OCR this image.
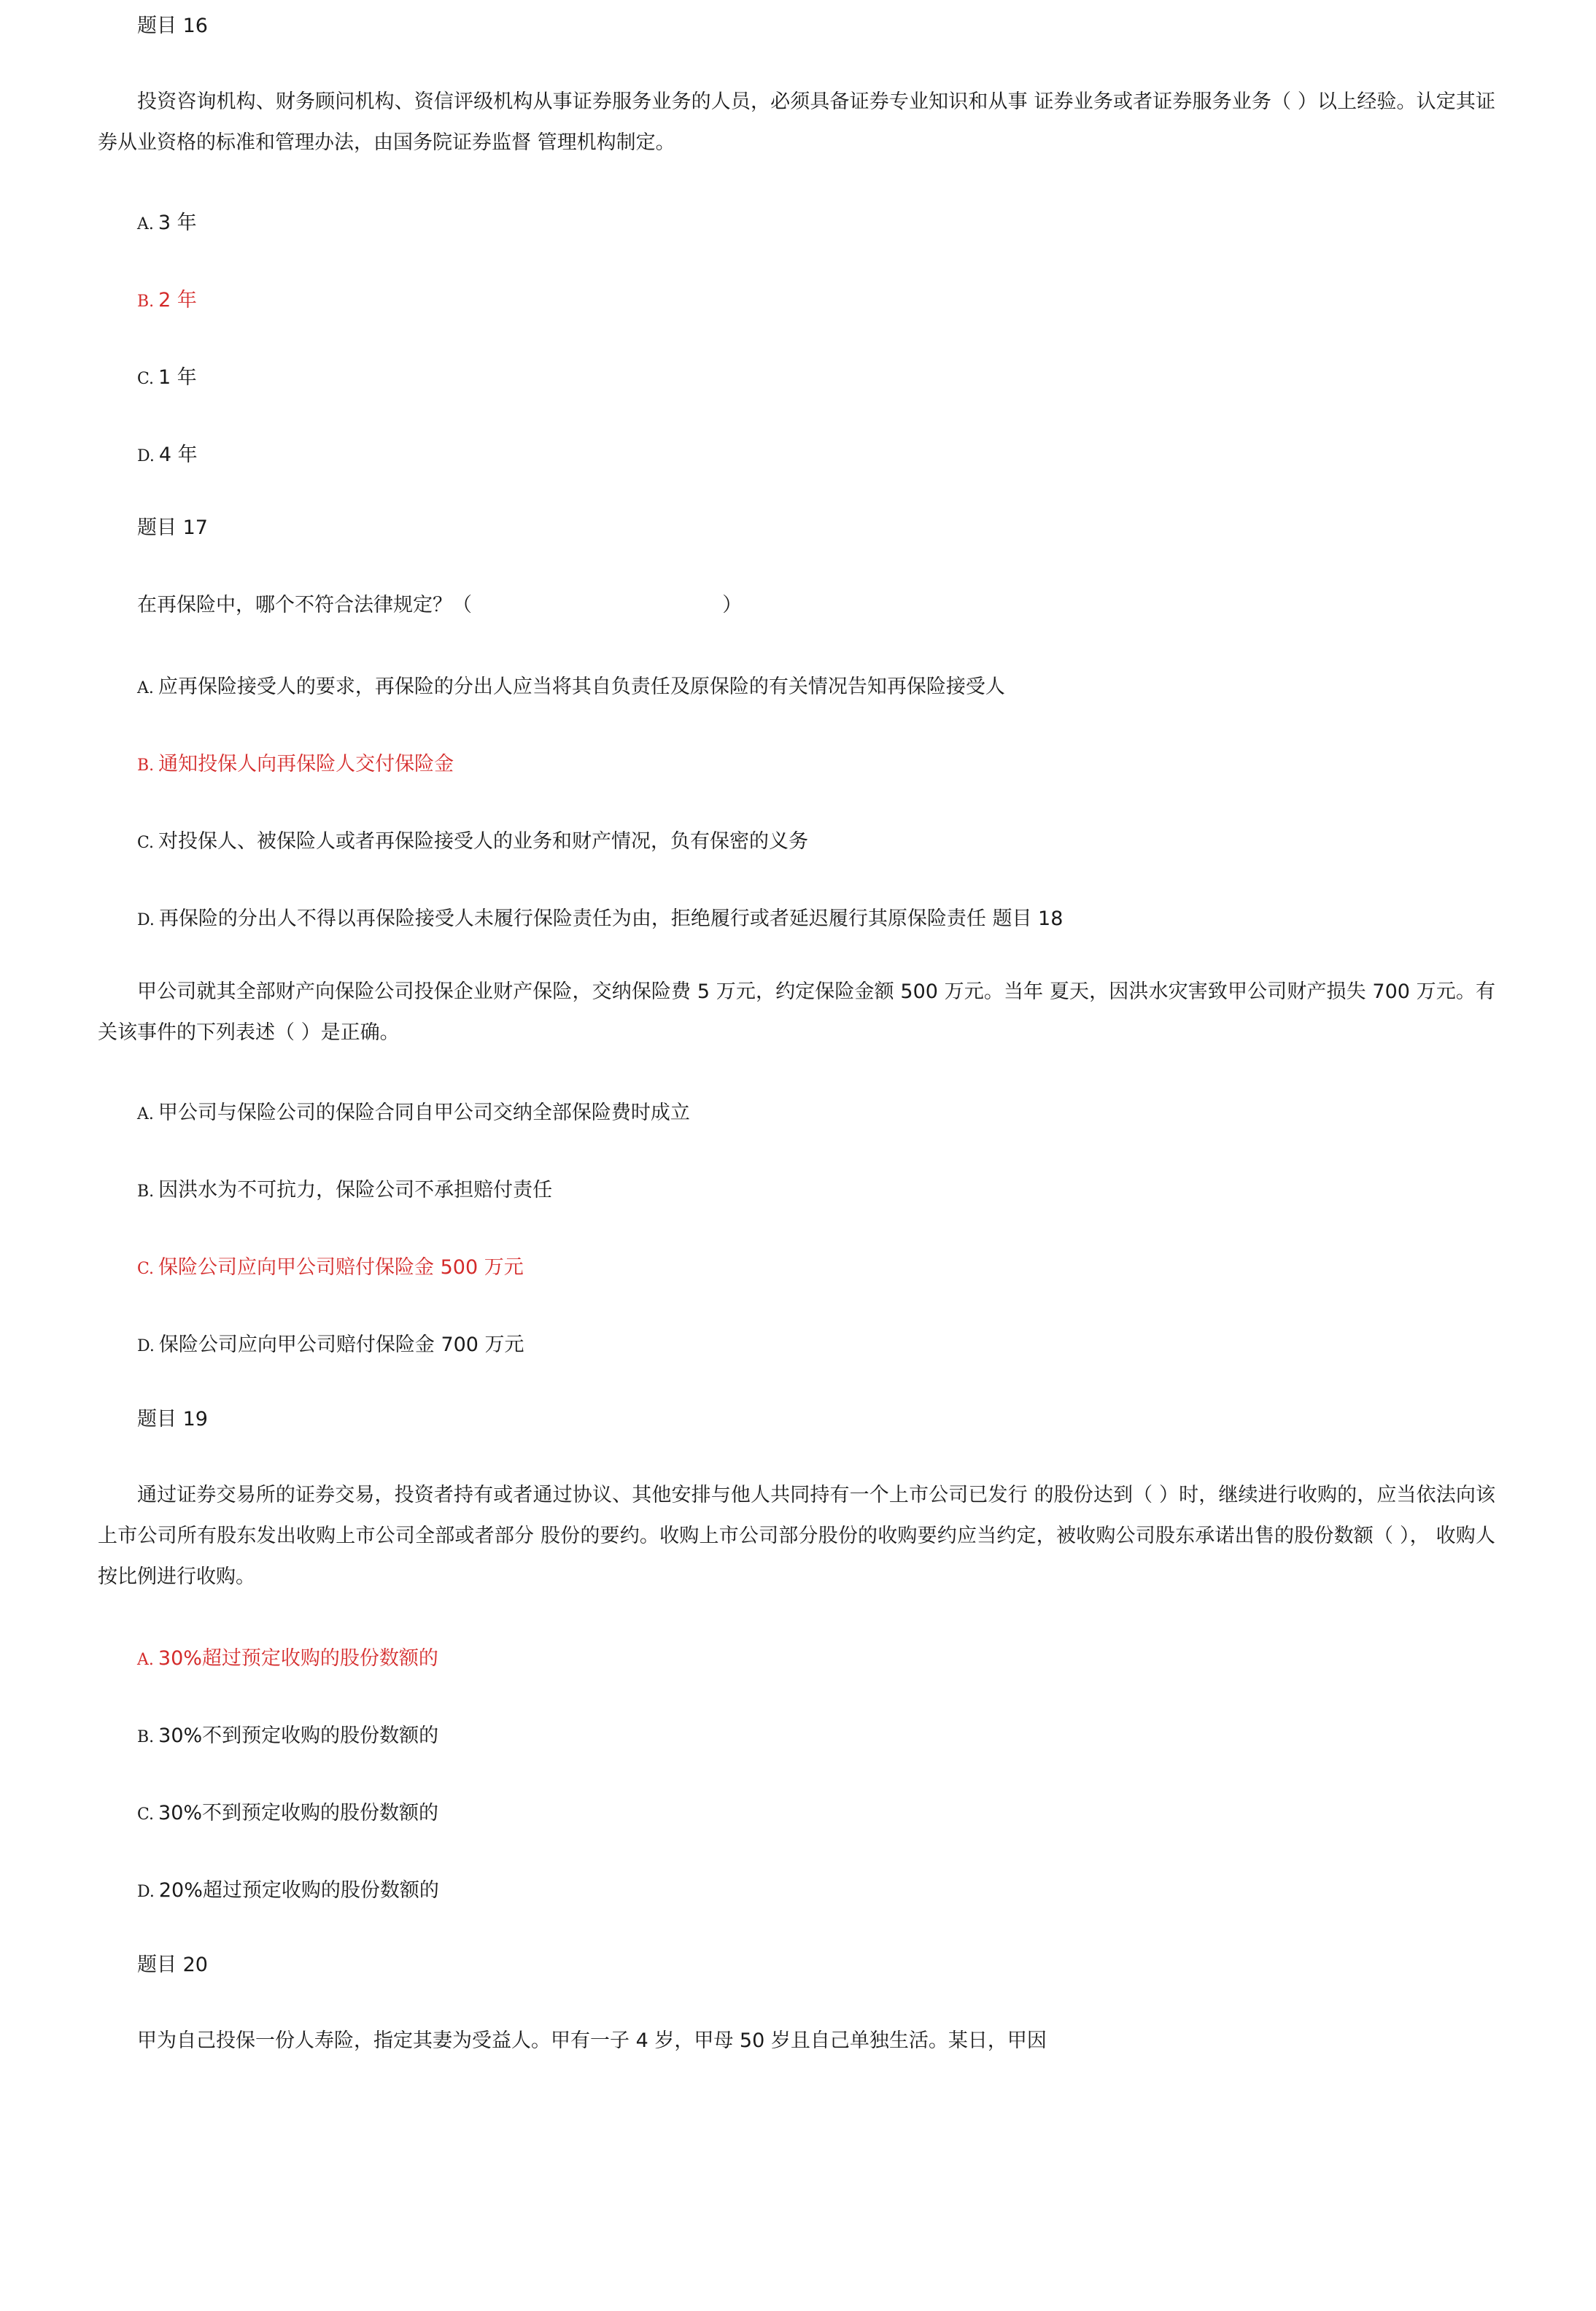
题目 16
投资咨询机构、财务顾问机构、资信评级机构从事证券服务业务的人员，必须具备证券专业知识和从事 证券业务或者证券服务业务（ ）以上经验。认定其证券从业资格的标准和管理办法，由国务院证券监督 管理机构制定。
A. 3 年
B. 2 年
C. 1 年
D. 4 年
题目 17
在再保险中，哪个不符合法律规定？（                                        ）
A. 应再保险接受人的要求，再保险的分出人应当将其自负责任及原保险的有关情况告知再保险接受人
B. 通知投保人向再保险人交付保险金
C. 对投保人、被保险人或者再保险接受人的业务和财产情况，负有保密的义务
D. 再保险的分出人不得以再保险接受人未履行保险责任为由，拒绝履行或者延迟履行其原保险责任 题目 18
甲公司就其全部财产向保险公司投保企业财产保险，交纳保险费 5 万元，约定保险金额 500 万元。当年 夏天，因洪水灾害致甲公司财产损失 700 万元。有关该事件的下列表述（ ）是正确。
A. 甲公司与保险公司的保险合同自甲公司交纳全部保险费时成立
B. 因洪水为不可抗力，保险公司不承担赔付责任
C. 保险公司应向甲公司赔付保险金 500 万元
D. 保险公司应向甲公司赔付保险金 700 万元
题目 19
通过证券交易所的证券交易，投资者持有或者通过协议、其他安排与他人共同持有一个上市公司已发行 的股份达到（ ）时，继续进行收购的，应当依法向该上市公司所有股东发出收购上市公司全部或者部分 股份的要约。收购上市公司部分股份的收购要约应当约定，被收购公司股东承诺出售的股份数额（ ）， 收购人按比例进行收购。
A. 30%超过预定收购的股份数额的
B. 30%不到预定收购的股份数额的
C. 30%不到预定收购的股份数额的
D. 20%超过预定收购的股份数额的
题目 20
甲为自己投保一份人寿险，指定其妻为受益人。甲有一子 4 岁，甲母 50 岁且自己单独生活。某日，甲因
